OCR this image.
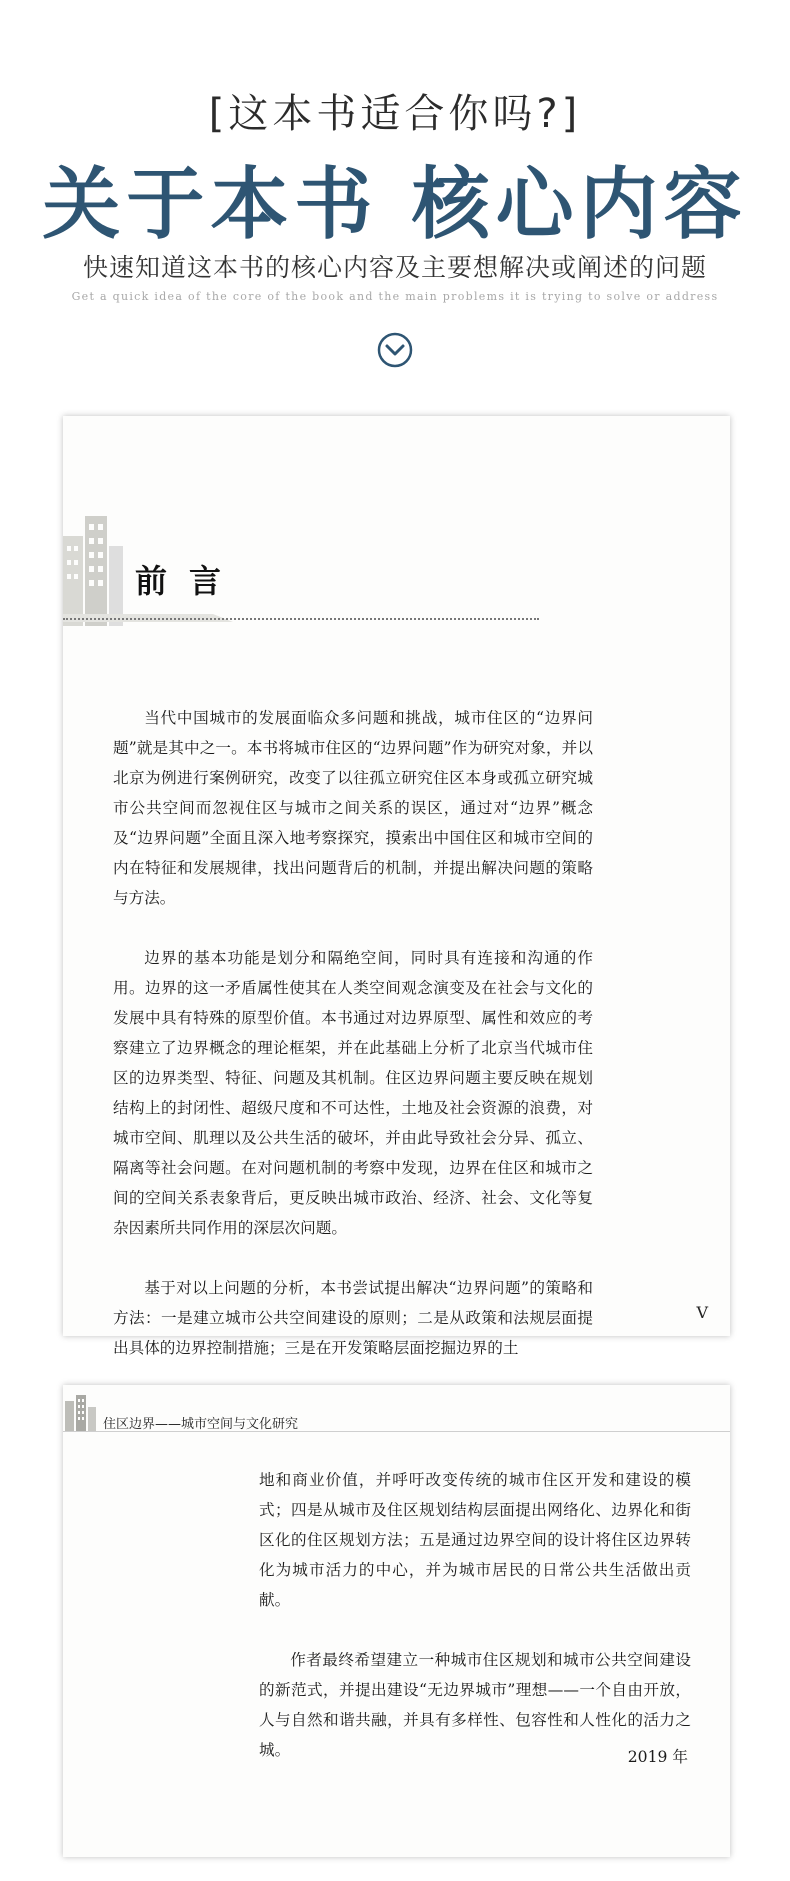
[这本书适合你吗?]
关于本书 核心内容
快速知道这本书的核心内容及主要想解决或阐述的问题
Get a quick idea of the core of the book and the main problems it is trying to solve or address
前言

当代中国城市的发展面临众多问题和挑战，城市住区的“边界问题”就是其中之一。本书将城市住区的“边界问题”作为研究对象，并以北京为例进行案例研究，改变了以往孤立研究住区本身或孤立研究城市公共空间而忽视住区与城市之间关系的误区，通过对“边界”概念及“边界问题”全面且深入地考察探究，摸索出中国住区和城市空间的内在特征和发展规律，找出问题背后的机制，并提出解决问题的策略与方法。

边界的基本功能是划分和隔绝空间，同时具有连接和沟通的作用。边界的这一矛盾属性使其在人类空间观念演变及在社会与文化的发展中具有特殊的原型价值。本书通过对边界原型、属性和效应的考察建立了边界概念的理论框架，并在此基础上分析了北京当代城市住区的边界类型、特征、问题及其机制。住区边界问题主要反映在规划结构上的封闭性、超级尺度和不可达性，土地及社会资源的浪费，对城市空间、肌理以及公共生活的破坏，并由此导致社会分异、孤立、隔离等社会问题。在对问题机制的考察中发现，边界在住区和城市之间的空间关系表象背后，更反映出城市政治、经济、社会、文化等复杂因素所共同作用的深层次问题。

基于对以上问题的分析，本书尝试提出解决“边界问题”的策略和方法：一是建立城市公共空间建设的原则；二是从政策和法规层面提出具体的边界控制措施；三是在开发策略层面挖掘边界的土

V
住区边界——城市空间与文化研究

地和商业价值，并呼吁改变传统的城市住区开发和建设的模式；四是从城市及住区规划结构层面提出网络化、边界化和街区化的住区规划方法；五是通过边界空间的设计将住区边界转化为城市活力的中心，并为城市居民的日常公共生活做出贡献。

作者最终希望建立一种城市住区规划和城市公共空间建设的新范式，并提出建设“无边界城市”理想——一个自由开放，人与自然和谐共融，并具有多样性、包容性和人性化的活力之城。	2019 年
